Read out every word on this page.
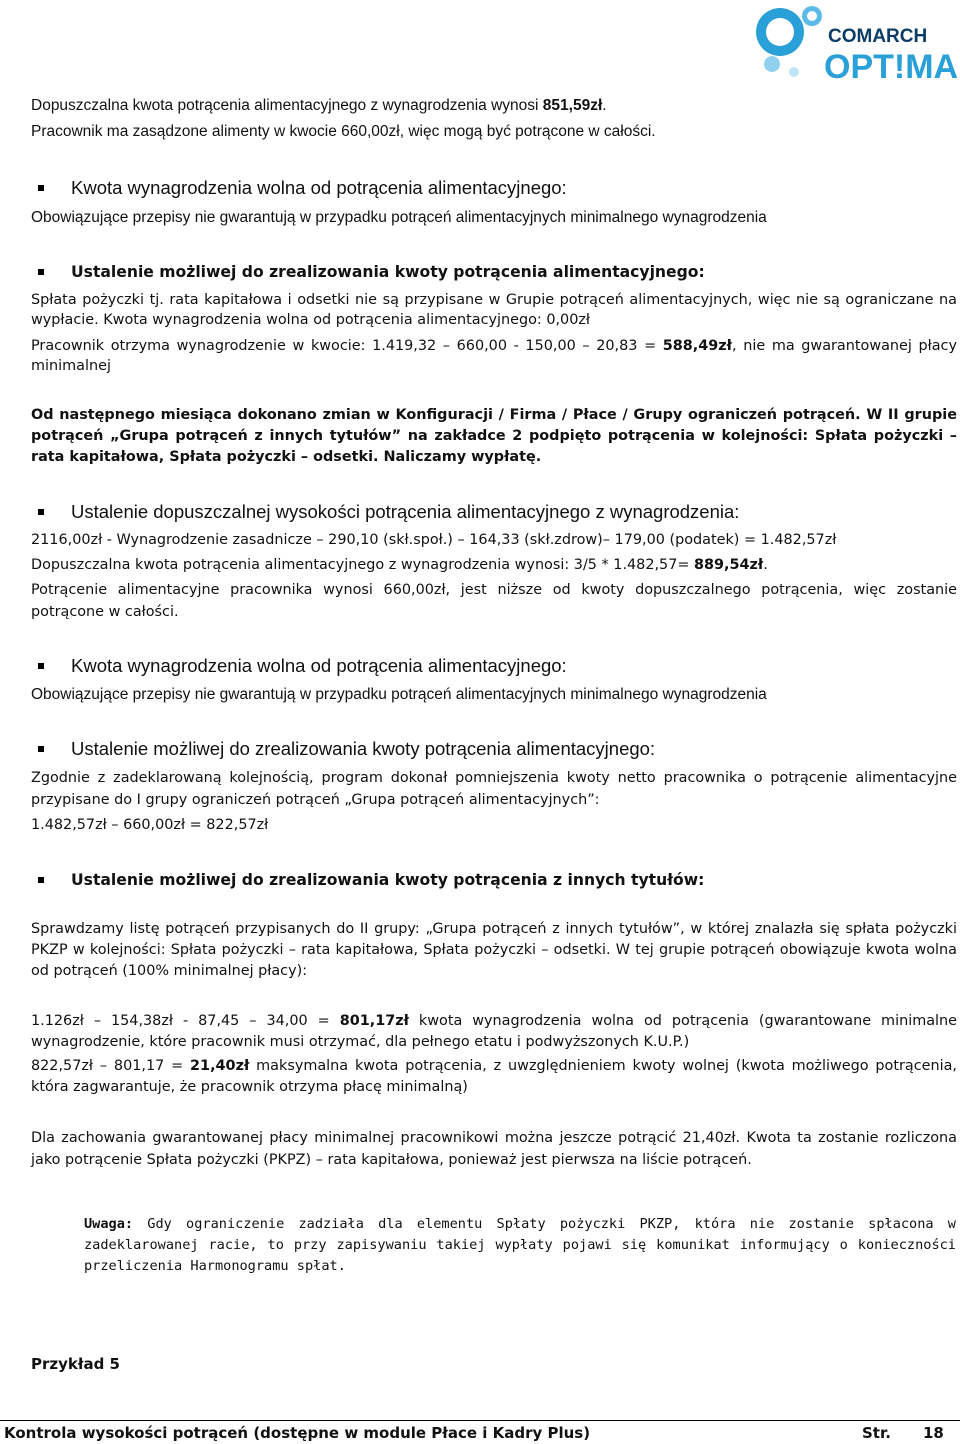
COMARCH
OPT!MA
Dopuszczalna kwota potrącenia alimentacyjnego z wynagrodzenia wynosi 851,59zł.
Pracownik ma zasądzone alimenty w kwocie 660,00zł, więc mogą być potrącone w całości.
Kwota wynagrodzenia wolna od potrącenia alimentacyjnego:
Obowiązujące przepisy nie gwarantują w przypadku potrąceń alimentacyjnych minimalnego wynagrodzenia
Ustalenie możliwej do zrealizowania kwoty potrącenia alimentacyjnego:
Spłata pożyczki tj. rata kapitałowa i odsetki nie są przypisane w Grupie potrąceń alimentacyjnych, więc nie są ograniczane na wypłacie. Kwota wynagrodzenia wolna od potrącenia alimentacyjnego: 0,00zł
Pracownik otrzyma wynagrodzenie w kwocie: 1.419,32 – 660,00 - 150,00 – 20,83 = 588,49zł, nie ma gwarantowanej płacy minimalnej
Od następnego miesiąca dokonano zmian w Konfiguracji / Firma / Płace / Grupy ograniczeń potrąceń. W II grupie potrąceń „Grupa potrąceń z innych tytułów” na zakładce 2 podpięto potrącenia w kolejności: Spłata pożyczki – rata kapitałowa, Spłata pożyczki – odsetki. Naliczamy wypłatę.
Ustalenie dopuszczalnej wysokości potrącenia alimentacyjnego z wynagrodzenia:
2116,00zł - Wynagrodzenie zasadnicze – 290,10 (skł.społ.) – 164,33 (skł.zdrow)– 179,00 (podatek) = 1.482,57zł
Dopuszczalna kwota potrącenia alimentacyjnego z wynagrodzenia wynosi: 3/5 * 1.482,57= 889,54zł.
Potrącenie alimentacyjne pracownika wynosi 660,00zł, jest niższe od kwoty dopuszczalnego potrącenia, więc zostanie potrącone w całości.
Kwota wynagrodzenia wolna od potrącenia alimentacyjnego:
Obowiązujące przepisy nie gwarantują w przypadku potrąceń alimentacyjnych minimalnego wynagrodzenia
Ustalenie możliwej do zrealizowania kwoty potrącenia alimentacyjnego:
Zgodnie z zadeklarowaną kolejnością, program dokonał pomniejszenia kwoty netto pracownika o potrącenie alimentacyjne przypisane do I grupy ograniczeń potrąceń „Grupa potrąceń alimentacyjnych”:
1.482,57zł – 660,00zł = 822,57zł
Ustalenie możliwej do zrealizowania kwoty potrącenia z innych tytułów:
Sprawdzamy listę potrąceń przypisanych do II grupy: „Grupa potrąceń z innych tytułów”, w której znalazła się spłata pożyczki PKZP w kolejności: Spłata pożyczki – rata kapitałowa, Spłata pożyczki – odsetki. W tej grupie potrąceń obowiązuje kwota wolna od potrąceń (100% minimalnej płacy):
1.126zł – 154,38zł - 87,45 – 34,00 = 801,17zł kwota wynagrodzenia wolna od potrącenia (gwarantowane minimalne wynagrodzenie, które pracownik musi otrzymać, dla pełnego etatu i podwyższonych K.U.P.)
822,57zł – 801,17 = 21,40zł maksymalna kwota potrącenia, z uwzględnieniem kwoty wolnej (kwota możliwego potrącenia, która zagwarantuje, że pracownik otrzyma płacę minimalną)
Dla zachowania gwarantowanej płacy minimalnej pracownikowi można jeszcze potrącić 21,40zł. Kwota ta zostanie rozliczona jako potrącenie Spłata pożyczki (PKPZ) – rata kapitałowa, ponieważ jest pierwsza na liście potrąceń.
Uwaga: Gdy ograniczenie zadziała dla elementu Spłaty pożyczki PKZP, która nie zostanie spłacona w zadeklarowanej racie, to przy zapisywaniu takiej wypłaty pojawi się komunikat informujący o konieczności przeliczenia Harmonogramu spłat.
Przykład 5
Kontrola wysokości potrąceń (dostępne w module Płace i Kadry Plus)	Str. 18
